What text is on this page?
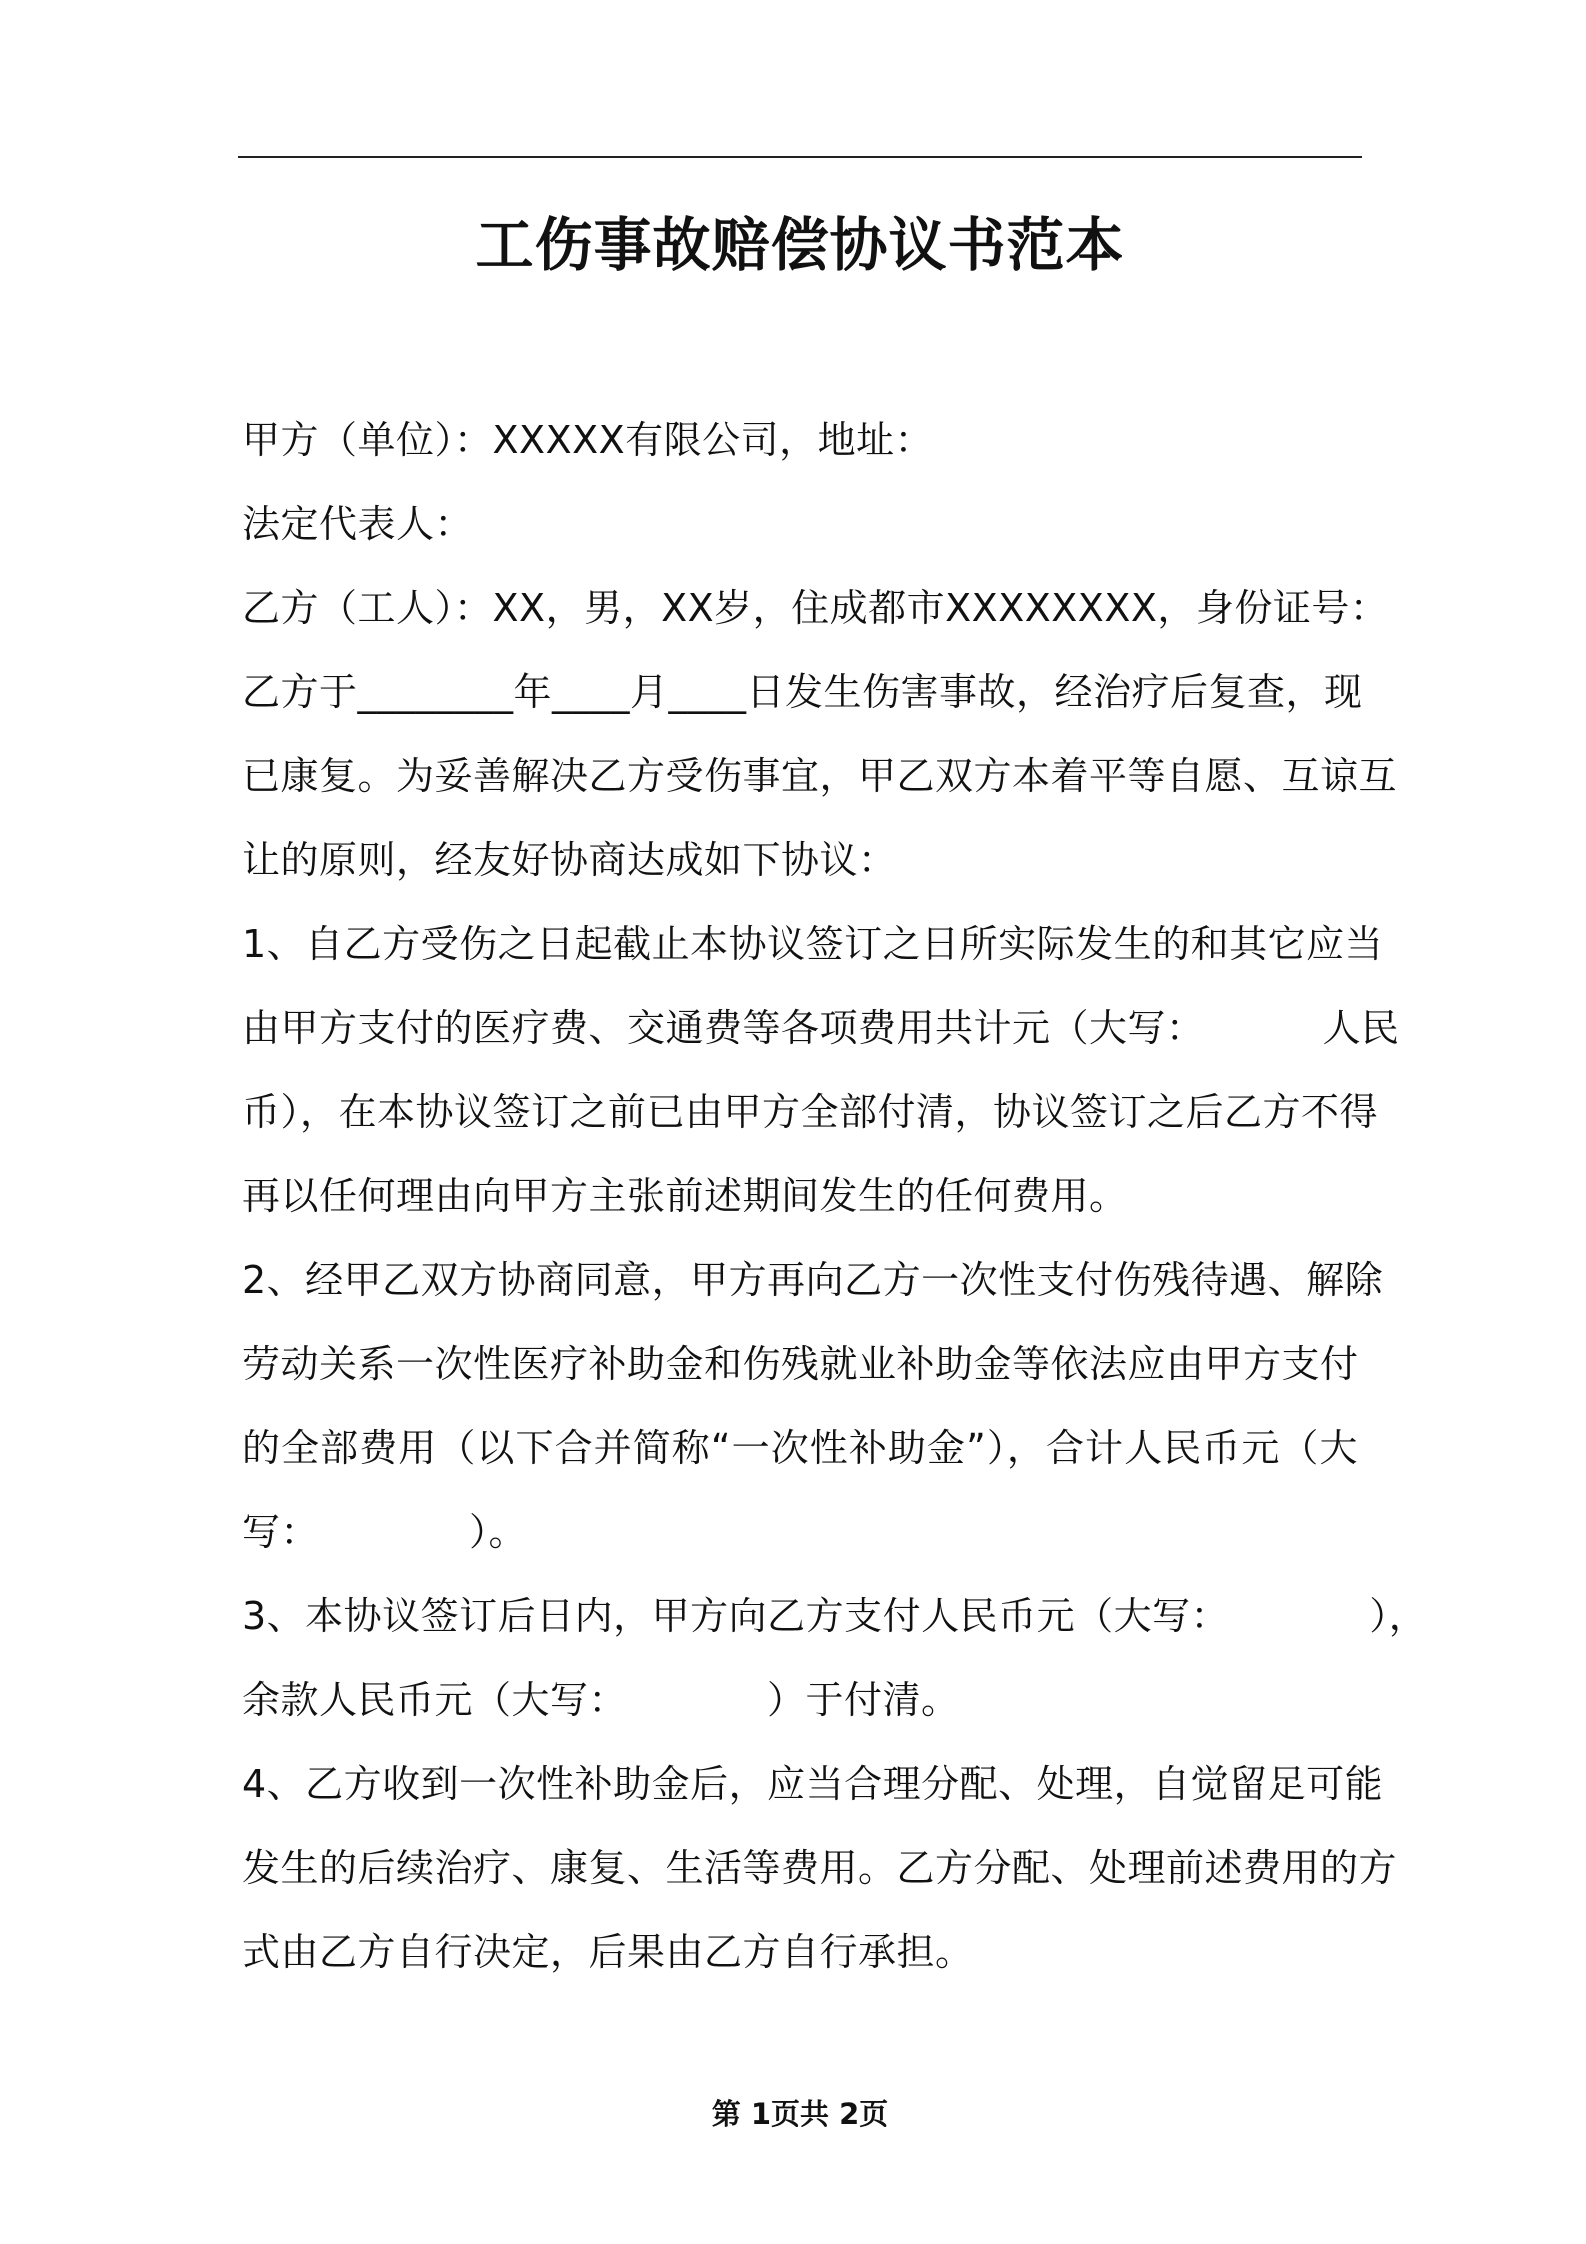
工伤事故赔偿协议书范本
甲方（单位）：XXXXX有限公司，地址：
法定代表人：
乙方（工人）：XX，男，XX岁，住成都市XXXXXXXX，身份证号：
乙方于________年____月____日发生伤害事故，经治疗后复查，现
已康复。为妥善解决乙方受伤事宜，甲乙双方本着平等自愿、互谅互
让的原则，经友好协商达成如下协议：
1、自乙方受伤之日起截止本协议签订之日所实际发生的和其它应当
由甲方支付的医疗费、交通费等各项费用共计元（大写：	人民
币），在本协议签订之前已由甲方全部付清，协议签订之后乙方不得
再以任何理由向甲方主张前述期间发生的任何费用。
2、经甲乙双方协商同意，甲方再向乙方一次性支付伤残待遇、解除
劳动关系一次性医疗补助金和伤残就业补助金等依法应由甲方支付
的全部费用（以下合并简称“一次性补助金”），合计人民币元（大
写：	）。
3、本协议签订后日内，甲方向乙方支付人民币元（大写：	），
余款人民币元（大写：	）于付清。
4、乙方收到一次性补助金后，应当合理分配、处理，自觉留足可能
发生的后续治疗、康复、生活等费用。乙方分配、处理前述费用的方
式由乙方自行决定，后果由乙方自行承担。
第 1页共 2页
